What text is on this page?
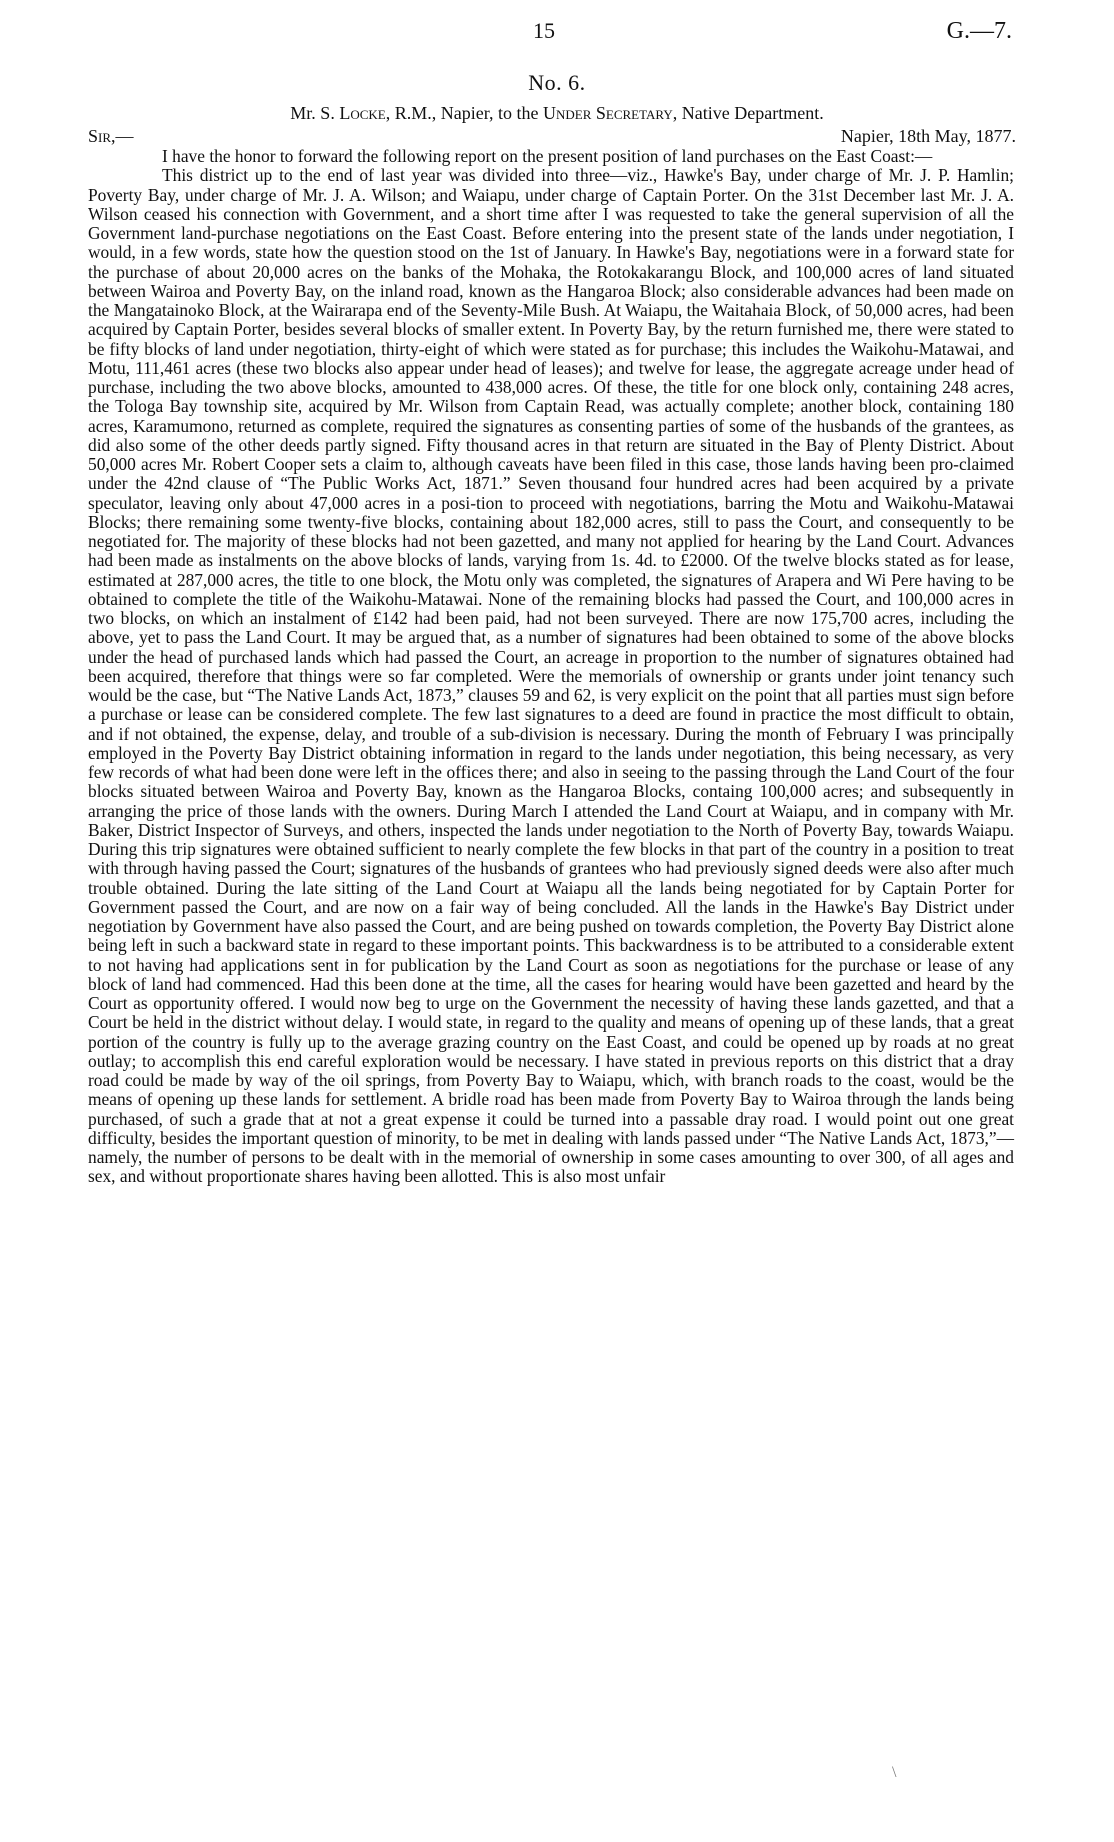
15	G.—7.
No. 6.
Mr. S. Locke, R.M., Napier, to the Under Secretary, Native Department.
Sir,—	Napier, 18th May, 1877.

I have the honor to forward the following report on the present position of land purchases on the East Coast:—

This district up to the end of last year was divided into three—viz., Hawke's Bay, under charge of Mr. J. P. Hamlin; Poverty Bay, under charge of Mr. J. A. Wilson; and Waiapu, under charge of Captain Porter. On the 31st December last Mr. J. A. Wilson ceased his connection with Government, and a short time after I was requested to take the general supervision of all the Government land-purchase negotiations on the East Coast. Before entering into the present state of the lands under negotiation, I would, in a few words, state how the question stood on the 1st of January. In Hawke's Bay, negotiations were in a forward state for the purchase of about 20,000 acres on the banks of the Mohaka, the Rotokakarangu Block, and 100,000 acres of land situated between Wairoa and Poverty Bay, on the inland road, known as the Hangaroa Block; also considerable advances had been made on the Mangatainoko Block, at the Wairarapa end of the Seventy-Mile Bush. At Waiapu, the Waitahaia Block, of 50,000 acres, had been acquired by Captain Porter, besides several blocks of smaller extent. In Poverty Bay, by the return furnished me, there were stated to be fifty blocks of land under negotiation, thirty-eight of which were stated as for purchase; this includes the Waikohu-Matawai, and Motu, 111,461 acres (these two blocks also appear under head of leases); and twelve for lease, the aggregate acreage under head of purchase, including the two above blocks, amounted to 438,000 acres. Of these, the title for one block only, containing 248 acres, the Tologa Bay township site, acquired by Mr. Wilson from Captain Read, was actually complete; another block, containing 180 acres, Karamumono, returned as complete, required the signatures as consenting parties of some of the husbands of the grantees, as did also some of the other deeds partly signed. Fifty thousand acres in that return are situated in the Bay of Plenty District. About 50,000 acres Mr. Robert Cooper sets a claim to, although caveats have been filed in this case, those lands having been pro-claimed under the 42nd clause of “The Public Works Act, 1871.” Seven thousand four hundred acres had been acquired by a private speculator, leaving only about 47,000 acres in a posi-tion to proceed with negotiations, barring the Motu and Waikohu-Matawai Blocks; there remaining some twenty-five blocks, containing about 182,000 acres, still to pass the Court, and consequently to be negotiated for. The majority of these blocks had not been gazetted, and many not applied for hearing by the Land Court. Advances had been made as instalments on the above blocks of lands, varying from 1s. 4d. to £2000. Of the twelve blocks stated as for lease, estimated at 287,000 acres, the title to one block, the Motu only was completed, the signatures of Arapera and Wi Pere having to be obtained to complete the title of the Waikohu-Matawai. None of the remaining blocks had passed the Court, and 100,000 acres in two blocks, on which an instalment of £142 had been paid, had not been surveyed. There are now 175,700 acres, including the above, yet to pass the Land Court. It may be argued that, as a number of signatures had been obtained to some of the above blocks under the head of purchased lands which had passed the Court, an acreage in proportion to the number of signatures obtained had been acquired, therefore that things were so far completed. Were the memorials of ownership or grants under joint tenancy such would be the case, but “The Native Lands Act, 1873,” clauses 59 and 62, is very explicit on the point that all parties must sign before a purchase or lease can be considered complete. The few last signatures to a deed are found in practice the most difficult to obtain, and if not obtained, the expense, delay, and trouble of a sub-division is necessary. During the month of February I was principally employed in the Poverty Bay District obtaining information in regard to the lands under negotiation, this being necessary, as very few records of what had been done were left in the offices there; and also in seeing to the passing through the Land Court of the four blocks situated between Wairoa and Poverty Bay, known as the Hangaroa Blocks, containg 100,000 acres; and subsequently in arranging the price of those lands with the owners. During March I attended the Land Court at Waiapu, and in company with Mr. Baker, District Inspector of Surveys, and others, inspected the lands under negotiation to the North of Poverty Bay, towards Waiapu. During this trip signatures were obtained sufficient to nearly complete the few blocks in that part of the country in a position to treat with through having passed the Court; signatures of the husbands of grantees who had previously signed deeds were also after much trouble obtained. During the late sitting of the Land Court at Waiapu all the lands being negotiated for by Captain Porter for Government passed the Court, and are now on a fair way of being concluded. All the lands in the Hawke's Bay District under negotiation by Government have also passed the Court, and are being pushed on towards completion, the Poverty Bay District alone being left in such a backward state in regard to these important points. This backwardness is to be attributed to a considerable extent to not having had applications sent in for publication by the Land Court as soon as negotiations for the purchase or lease of any block of land had commenced. Had this been done at the time, all the cases for hearing would have been gazetted and heard by the Court as opportunity offered. I would now beg to urge on the Government the necessity of having these lands gazetted, and that a Court be held in the district without delay. I would state, in regard to the quality and means of opening up of these lands, that a great portion of the country is fully up to the average grazing country on the East Coast, and could be opened up by roads at no great outlay; to accomplish this end careful exploration would be necessary. I have stated in previous reports on this district that a dray road could be made by way of the oil springs, from Poverty Bay to Waiapu, which, with branch roads to the coast, would be the means of opening up these lands for settlement. A bridle road has been made from Poverty Bay to Wairoa through the lands being purchased, of such a grade that at not a great expense it could be turned into a passable dray road. I would point out one great difficulty, besides the important question of minority, to be met in dealing with lands passed under “The Native Lands Act, 1873,”—namely, the number of persons to be dealt with in the memorial of ownership in some cases amounting to over 300, of all ages and sex, and without proportionate shares having been allotted. This is also most unfair

\
